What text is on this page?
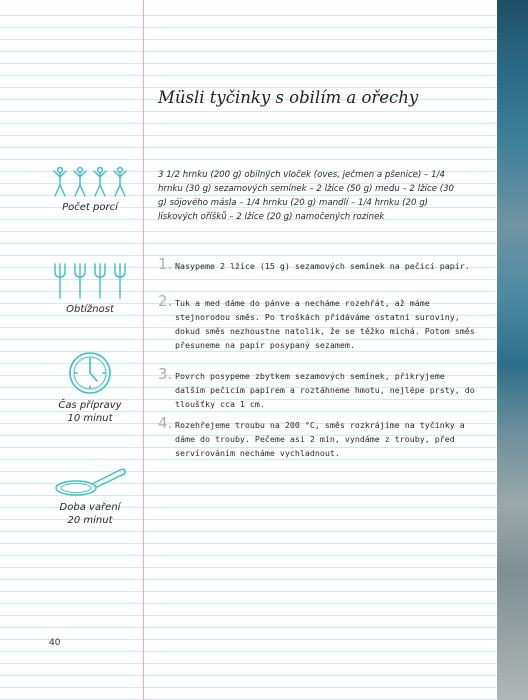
Müsli tyčinky s obilím a ořechy
Počet porcí
Obtížnost
Čas přípravy
10 minut
Doba vaření
20 minut

3 1/2 hrnku (200 g) obilných vloček (oves, ječmen a pšenice) – 1/4 hrnku (30 g) sezamových semínek – 2 lžíce (50 g) medu – 2 lžíce (30 g) sójového másla – 1/4 hrnku (20 g) mandlí – 1/4 hrnku (20 g) lískových oříšků – 2 lžíce (20 g) namočených rozinek

1. Nasypeme 2 lžíce (15 g) sezamových semínek na pečicí papír.
2. Tuk a med dáme do pánve a necháme rozehřát, až máme stejnorodou směs. Po troškách přidáváme ostatní suroviny, dokud směs nezhoustne natolik, že se těžko míchá. Potom směs přesuneme na papír posypaný sezamem.
3. Povrch posypeme zbytkem sezamových semínek, přikryjeme dalším pečicím papírem a roztáhneme hmotu, nejlépe prsty, do tloušťky cca 1 cm.
4. Rozehřejeme troubu na 200 °C, směs rozkrájíme na tyčinky a dáme do trouby. Pečeme asi 2 min, vyndáme z trouby, před servírováním necháme vychladnout.
40
